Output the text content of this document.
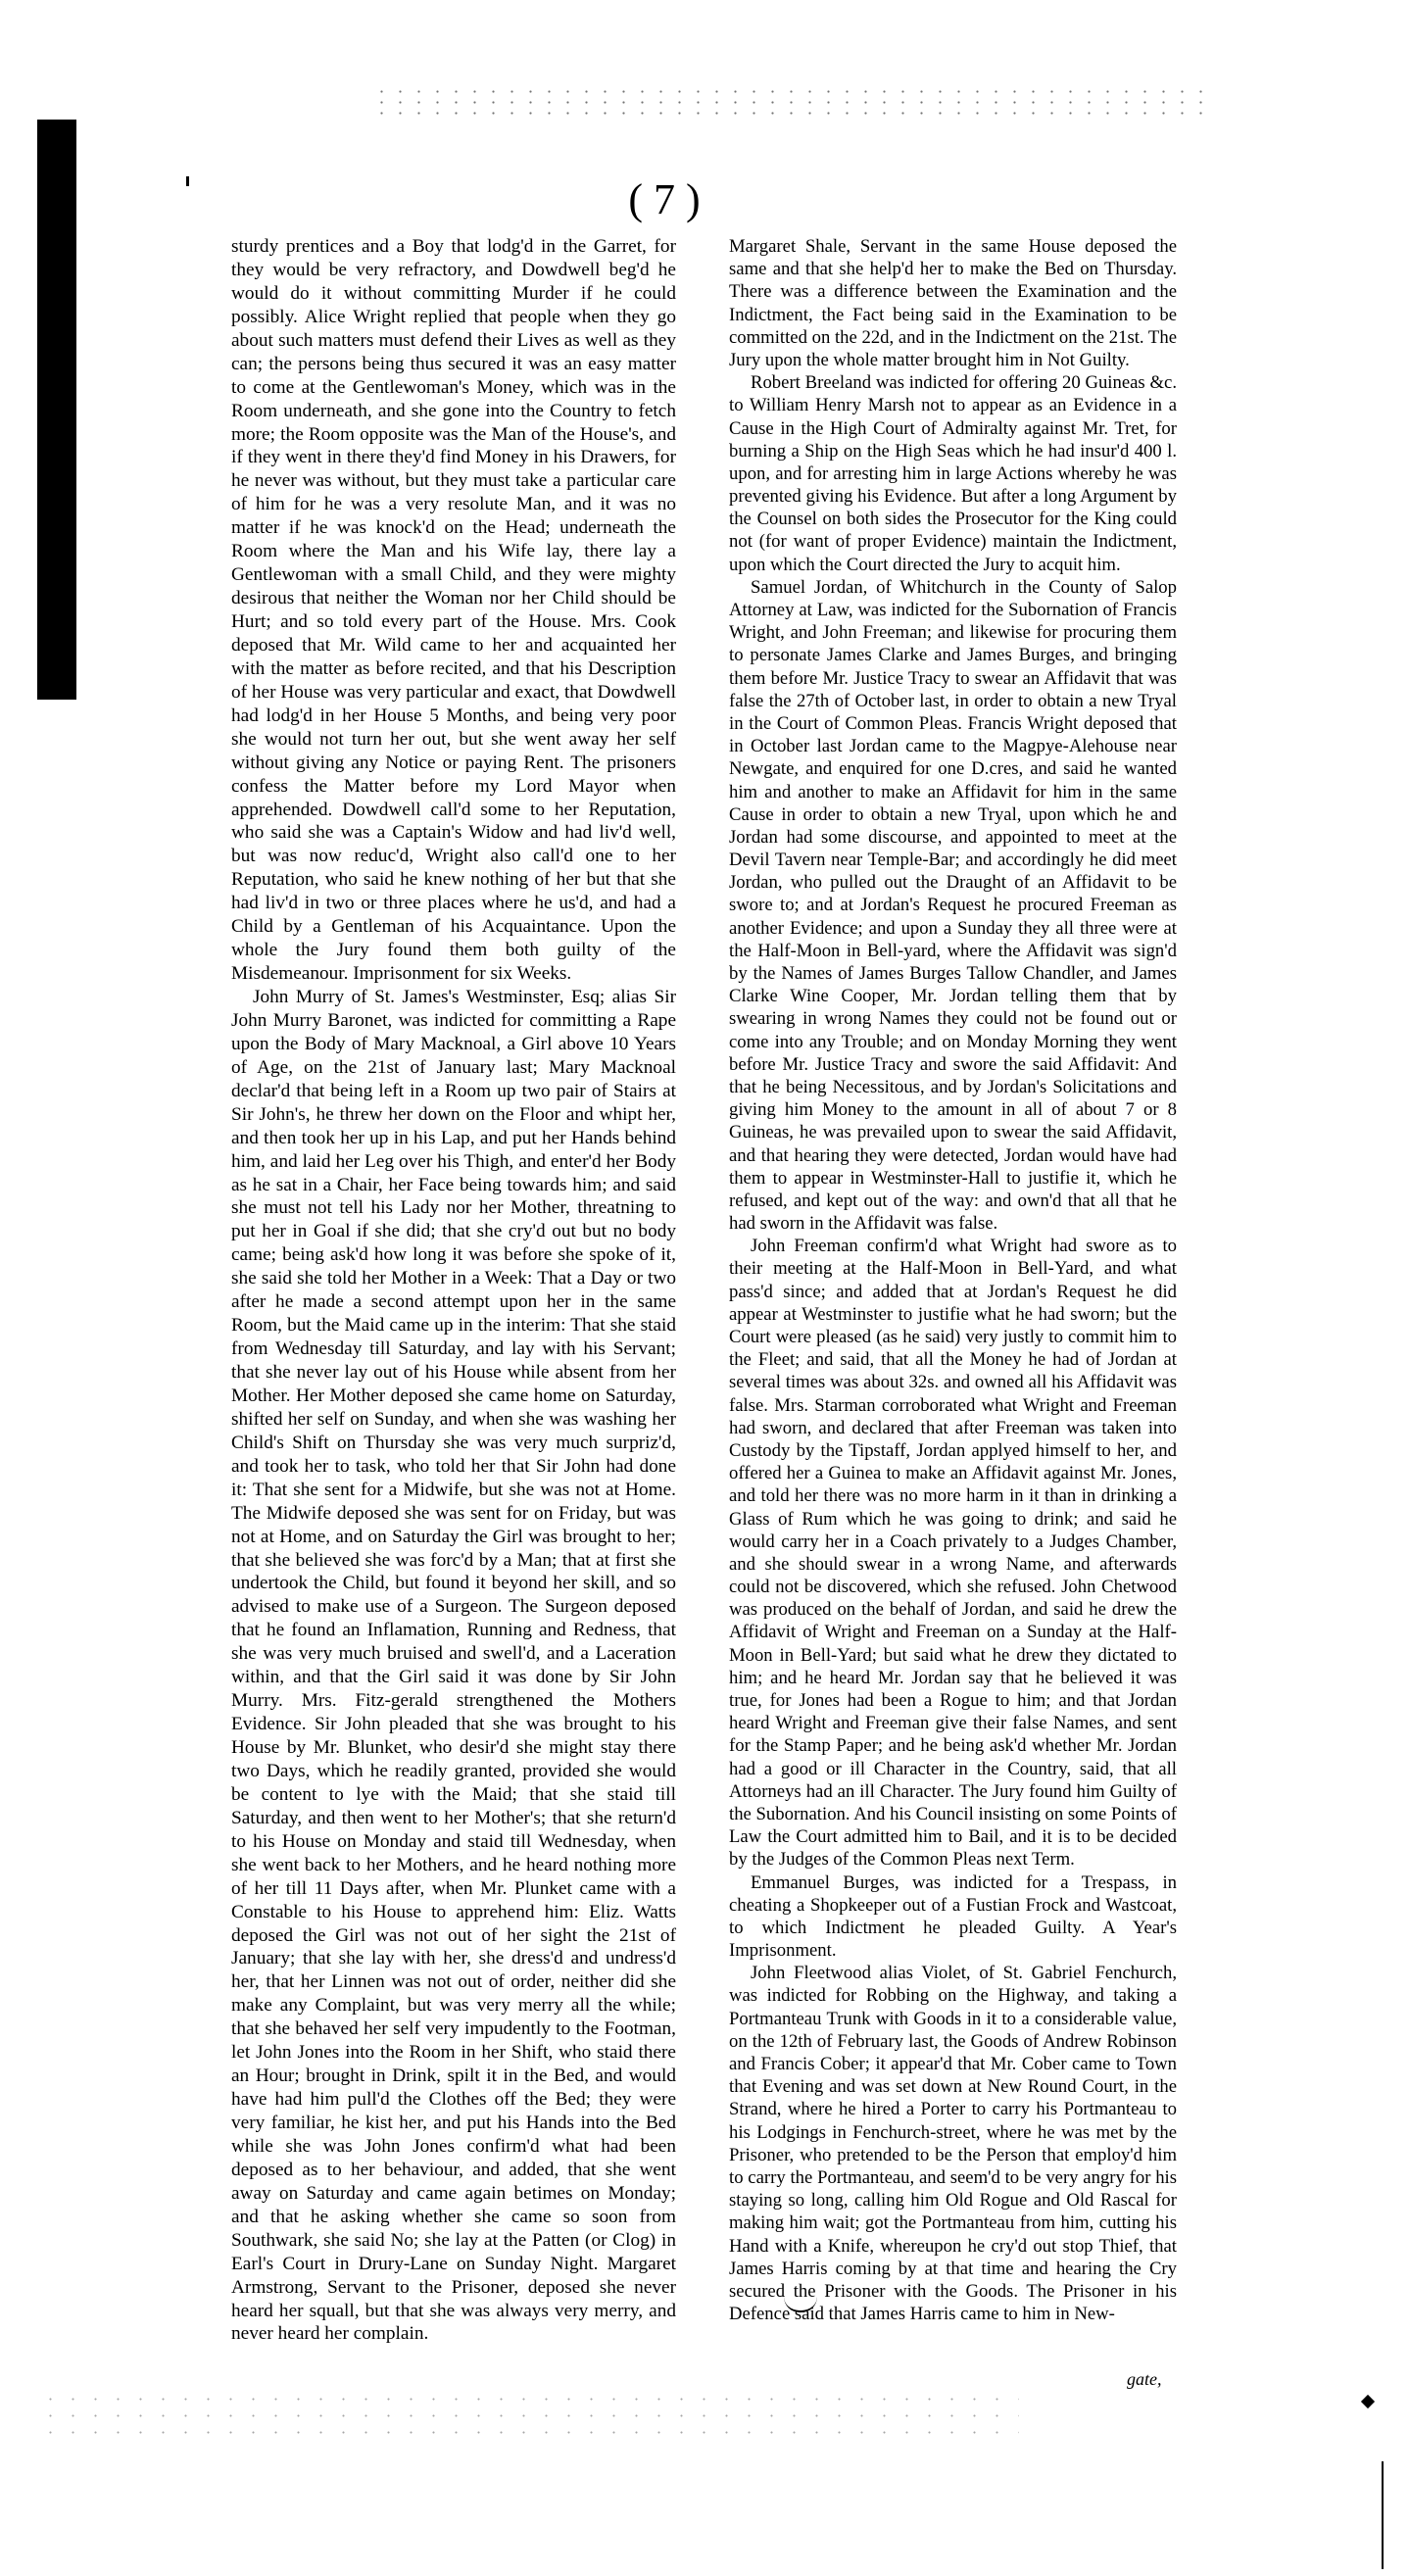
( 7 )

sturdy prentices and a Boy that lodg'd in the Garret, for they would be very refractory, and Dowdwell beg'd he would do it without committing Murder if he could possibly. Alice Wright replied that people when they go about such matters must defend their Lives as well as they can; the persons being thus secured it was an easy matter to come at the Gentlewoman's Money, which was in the Room underneath, and she gone into the Country to fetch more; the Room opposite was the Man of the House's, and if they went in there they'd find Money in his Drawers, for he never was without, but they must take a particular care of him for he was a very resolute Man, and it was no matter if he was knock'd on the Head; underneath the Room where the Man and his Wife lay, there lay a Gentlewoman with a small Child, and they were mighty desirous that neither the Woman nor her Child should be Hurt; and so told every part of the House. Mrs. Cook deposed that Mr. Wild came to her and acquainted her with the matter as before recited, and that his Description of her House was very particular and exact, that Dowdwell had lodg'd in her House 5 Months, and being very poor she would not turn her out, but she went away her self without giving any Notice or paying Rent. The prisoners confess the Matter before my Lord Mayor when apprehended. Dowdwell call'd some to her Reputation, who said she was a Captain's Widow and had liv'd well, but was now reduc'd, Wright also call'd one to her Reputation, who said he knew nothing of her but that she had liv'd in two or three places where he us'd, and had a Child by a Gentleman of his Acquaintance. Upon the whole the Jury found them both guilty of the Misdemeanour. Imprisonment for six Weeks.

John Murry of St. James's Westminster, Esq; alias Sir John Murry Baronet, was indicted for committing a Rape upon the Body of Mary Macknoal, a Girl above 10 Years of Age, on the 21st of January last; Mary Macknoal declar'd that being left in a Room up two pair of Stairs at Sir John's, he threw her down on the Floor and whipt her, and then took her up in his Lap, and put her Hands behind him, and laid her Leg over his Thigh, and enter'd her Body as he sat in a Chair, her Face being towards him; and said she must not tell his Lady nor her Mother, threatning to put her in Goal if she did; that she cry'd out but no body came; being ask'd how long it was before she spoke of it, she said she told her Mother in a Week: That a Day or two after he made a second attempt upon her in the same Room, but the Maid came up in the interim: That she staid from Wednesday till Saturday, and lay with his Servant; that she never lay out of his House while absent from her Mother. Her Mother deposed she came home on Saturday, shifted her self on Sunday, and when she was washing her Child's Shift on Thursday she was very much surpriz'd, and took her to task, who told her that Sir John had done it: That she sent for a Midwife, but she was not at Home. The Midwife deposed she was sent for on Friday, but was not at Home, and on Saturday the Girl was brought to her; that she believed she was forc'd by a Man; that at first she undertook the Child, but found it beyond her skill, and so advised to make use of a Surgeon. The Surgeon deposed that he found an Inflamation, Running and Redness, that she was very much bruised and swell'd, and a Laceration within, and that the Girl said it was done by Sir John Murry. Mrs. Fitz-gerald strengthened the Mothers Evidence. Sir John pleaded that she was brought to his House by Mr. Blunket, who desir'd she might stay there two Days, which he readily granted, provided she would be content to lye with the Maid; that she staid till Saturday, and then went to her Mother's; that she return'd to his House on Monday and staid till Wednesday, when she went back to her Mothers, and he heard nothing more of her till 11 Days after, when Mr. Plunket came with a Constable to his House to apprehend him: Eliz. Watts deposed the Girl was not out of her sight the 21st of January; that she lay with her, she dress'd and undress'd her, that her Linnen was not out of order, neither did she make any Complaint, but was very merry all the while; that she behaved her self very impudently to the Footman, let John Jones into the Room in her Shift, who staid there an Hour; brought in Drink, spilt it in the Bed, and would have had him pull'd the Clothes off the Bed; they were very familiar, he kist her, and put his Hands into the Bed while she was John Jones confirm'd what had been deposed as to her behaviour, and added, that she went away on Saturday and came again betimes on Monday; and that he asking whether she came so soon from Southwark, she said No; she lay at the Patten (or Clog) in Earl's Court in Drury-Lane on Sunday Night. Margaret Armstrong, Servant to the Prisoner, deposed she never heard her squall, but that she was always very merry, and never heard her complain.

Margaret Shale, Servant in the same House deposed the same and that she help'd her to make the Bed on Thursday. There was a difference between the Examination and the Indictment, the Fact being said in the Examination to be committed on the 22d, and in the Indictment on the 21st. The Jury upon the whole matter brought him in Not Guilty.

Robert Breeland was indicted for offering 20 Guineas &c. to William Henry Marsh not to appear as an Evidence in a Cause in the High Court of Admiralty against Mr. Tret, for burning a Ship on the High Seas which he had insur'd 400 l. upon, and for arresting him in large Actions whereby he was prevented giving his Evidence. But after a long Argument by the Counsel on both sides the Prosecutor for the King could not (for want of proper Evidence) maintain the Indictment, upon which the Court directed the Jury to acquit him.

Samuel Jordan, of Whitchurch in the County of Salop Attorney at Law, was indicted for the Subornation of Francis Wright, and John Freeman; and likewise for procuring them to personate James Clarke and James Burges, and bringing them before Mr. Justice Tracy to swear an Affidavit that was false the 27th of October last, in order to obtain a new Tryal in the Court of Common Pleas. Francis Wright deposed that in October last Jordan came to the Magpye-Alehouse near Newgate, and enquired for one D.cres, and said he wanted him and another to make an Affidavit for him in the same Cause in order to obtain a new Tryal, upon which he and Jordan had some discourse, and appointed to meet at the Devil Tavern near Temple-Bar; and accordingly he did meet Jordan, who pulled out the Draught of an Affidavit to be swore to; and at Jordan's Request he procured Freeman as another Evidence; and upon a Sunday they all three were at the Half-Moon in Bell-yard, where the Affidavit was sign'd by the Names of James Burges Tallow Chandler, and James Clarke Wine Cooper, Mr. Jordan telling them that by swearing in wrong Names they could not be found out or come into any Trouble; and on Monday Morning they went before Mr. Justice Tracy and swore the said Affidavit: And that he being Necessitous, and by Jordan's Solicitations and giving him Money to the amount in all of about 7 or 8 Guineas, he was prevailed upon to swear the said Affidavit, and that hearing they were detected, Jordan would have had them to appear in Westminster-Hall to justifie it, which he refused, and kept out of the way: and own'd that all that he had sworn in the Affidavit was false.

John Freeman confirm'd what Wright had swore as to their meeting at the Half-Moon in Bell-Yard, and what pass'd since; and added that at Jordan's Request he did appear at Westminster to justifie what he had sworn; but the Court were pleased (as he said) very justly to commit him to the Fleet; and said, that all the Money he had of Jordan at several times was about 32s. and owned all his Affidavit was false. Mrs. Starman corroborated what Wright and Freeman had sworn, and declared that after Freeman was taken into Custody by the Tipstaff, Jordan applyed himself to her, and offered her a Guinea to make an Affidavit against Mr. Jones, and told her there was no more harm in it than in drinking a Glass of Rum which he was going to drink; and said he would carry her in a Coach privately to a Judges Chamber, and she should swear in a wrong Name, and afterwards could not be discovered, which she refused. John Chetwood was produced on the behalf of Jordan, and said he drew the Affidavit of Wright and Freeman on a Sunday at the Half-Moon in Bell-Yard; but said what he drew they dictated to him; and he heard Mr. Jordan say that he believed it was true, for Jones had been a Rogue to him; and that Jordan heard Wright and Freeman give their false Names, and sent for the Stamp Paper; and he being ask'd whether Mr. Jordan had a good or ill Character in the Country, said, that all Attorneys had an ill Character. The Jury found him Guilty of the Subornation. And his Council insisting on some Points of Law the Court admitted him to Bail, and it is to be decided by the Judges of the Common Pleas next Term.

Emmanuel Burges, was indicted for a Trespass, in cheating a Shopkeeper out of a Fustian Frock and Wastcoat, to which Indictment he pleaded Guilty. A Year's Imprisonment.

John Fleetwood alias Violet, of St. Gabriel Fenchurch, was indicted for Robbing on the Highway, and taking a Portmanteau Trunk with Goods in it to a considerable value, on the 12th of February last, the Goods of Andrew Robinson and Francis Cober; it appear'd that Mr. Cober came to Town that Evening and was set down at New Round Court, in the Strand, where he hired a Porter to carry his Portmanteau to his Lodgings in Fenchurch-street, where he was met by the Prisoner, who pretended to be the Person that employ'd him to carry the Portmanteau, and seem'd to be very angry for his staying so long, calling him Old Rogue and Old Rascal for making him wait; got the Portmanteau from him, cutting his Hand with a Knife, whereupon he cry'd out stop Thief, that James Harris coming by at that time and hearing the Cry secured the Prisoner with the Goods. The Prisoner in his Defence said that James Harris came to him in New-

gate,
